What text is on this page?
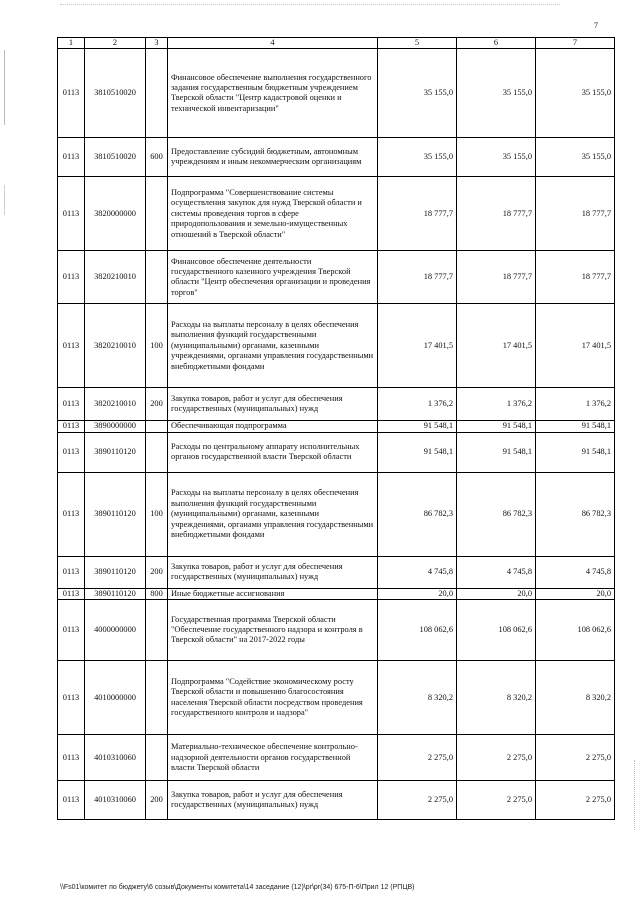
7
1	2	3	4	5	6	7
0113	3810510020		Финансовое обеспечение выполнения государственного задания государственным бюджетным учреждением Тверской области "Центр кадастровой оценки и технической инвентаризации"	35 155,0	35 155,0	35 155,0
0113	3810510020	600	Предоставление субсидий бюджетным, автономным учреждениям и иным некоммерческим организациям	35 155,0	35 155,0	35 155,0
0113	3820000000		Подпрограмма "Совершенствование системы осуществления закупок для нужд Тверской области и системы проведения торгов в сфере природопользования и земельно-имущественных отношений в Тверской области"	18 777,7	18 777,7	18 777,7
0113	3820210010		Финансовое обеспечение деятельности государственного казенного учреждения Тверской области "Центр обеспечения организации и проведения торгов"	18 777,7	18 777,7	18 777,7
0113	3820210010	100	Расходы на выплаты персоналу в целях обеспечения выполнения функций государственными (муниципальными) органами, казенными учреждениями, органами управления государственными внебюджетными фондами	17 401,5	17 401,5	17 401,5
0113	3820210010	200	Закупка товаров, работ и услуг для обеспечения государственных (муниципальных) нужд	1 376,2	1 376,2	1 376,2
0113	3890000000		Обеспечивающая подпрограмма	91 548,1	91 548,1	91 548,1
0113	3890110120		Расходы по центральному аппарату исполнительных органов государственной власти Тверской области	91 548,1	91 548,1	91 548,1
0113	3890110120	100	Расходы на выплаты персоналу в целях обеспечения выполнения функций государственными (муниципальными) органами, казенными учреждениями, органами управления государственными внебюджетными фондами	86 782,3	86 782,3	86 782,3
0113	3890110120	200	Закупка товаров, работ и услуг для обеспечения государственных (муниципальных) нужд	4 745,8	4 745,8	4 745,8
0113	3890110120	800	Иные бюджетные ассигнования	20,0	20,0	20,0
0113	4000000000		Государственная программа Тверской области "Обеспечение государственного надзора и контроля в Тверской области" на 2017-2022 годы	108 062,6	108 062,6	108 062,6
0113	4010000000		Подпрограмма "Содействие экономическому росту Тверской области и повышению благосостояния населения Тверской области посредством проведения государственного контроля и надзора"	8 320,2	8 320,2	8 320,2
0113	4010310060		Материально-техническое обеспечение контрольно-надзорной деятельности органов государственной власти Тверской области	2 275,0	2 275,0	2 275,0
0113	4010310060	200	Закупка товаров, работ и услуг для обеспечения государственных (муниципальных) нужд	2 275,0	2 275,0	2 275,0
\\Fs01\комитет по бюджету\6 созыв\Документы комитета\14 заседание (12)\pr\pr(34) 675-П-6\Прил 12 (РПЦВ)
